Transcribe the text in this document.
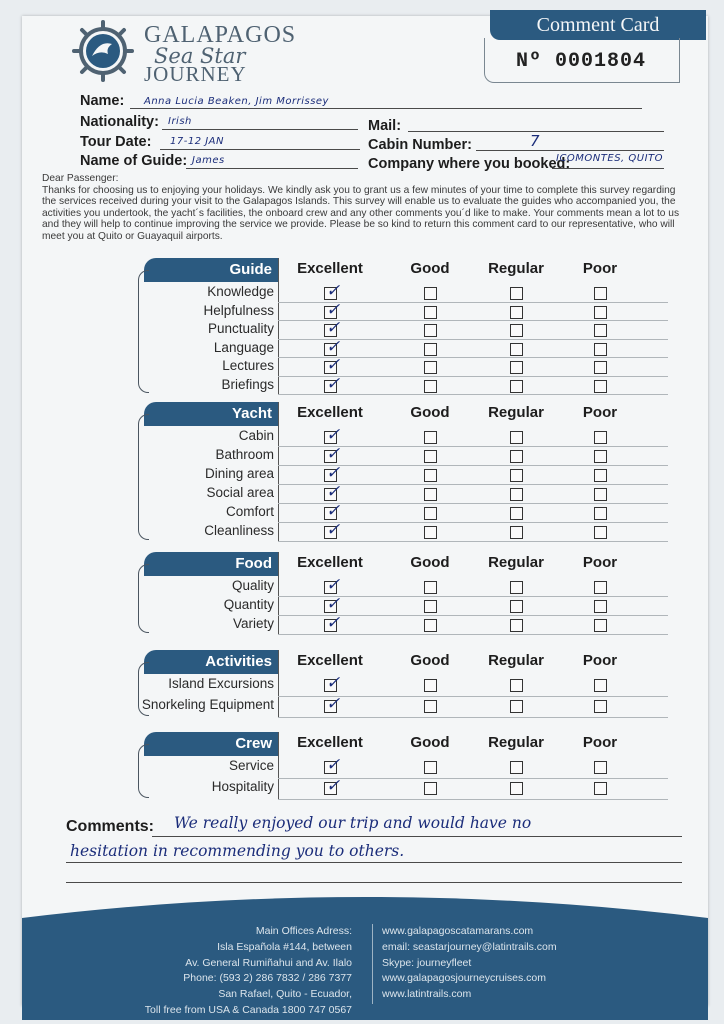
GALAPAGOS
Sea Star
JOURNEY
Comment Card
Nº 0001804
Name: Anna Lucia Beaken, Jim Morrissey
Nationality: Irish	Mail:
Tour Date: 17-12 JAN	Cabin Number:	7
Name of Guide: James	Company where you booked:
ICOMONTES, QUITO
Dear Passenger:
Thanks for choosing us to enjoying your holidays. We kindly ask you to grant us a few minutes of your time to complete this survey regarding the services received during your visit to the Galapagos Islands. This survey will enable us to evaluate the guides who accompanied you, the activities you undertook, the yacht´s facilities, the onboard crew and any other comments you´d like to make. Your comments mean a lot to us and they will help to continue improving the service we provide. Please be so kind to return this comment card to our representative, who will meet you at Quito or Guayaquil airports.
Guide	Excellent	Good	Regular	Poor
Knowledge	✓
Helpfulness	✓
Punctuality	✓
Language	✓
Lectures	✓
Briefings	✓
Yacht	Excellent	Good	Regular	Poor
Cabin	✓
Bathroom	✓
Dining area	✓
Social area	✓
Comfort	✓
Cleanliness	✓
Food	Excellent	Good	Regular	Poor
Quality	✓
Quantity	✓
Variety	✓
Activities	Excellent	Good	Regular	Poor
Island Excursions	✓
Snorkeling Equipment	✓
Crew	Excellent	Good	Regular	Poor
Service	✓
Hospitality	✓
Comments: We really enjoyed our trip and would have no
hesitation in recommending you to others.
Main Offices Adress:
Isla Española #144, between
Av. General Rumiñahui and Av. Ilalo
Phone: (593 2) 286 7832 / 286 7377
San Rafael, Quito - Ecuador,
Toll free from USA & Canada 1800 747 0567
www.galapagoscatamarans.com
email: seastarjourney@latintrails.com
Skype: journeyfleet
www.galapagosjourneycruises.com
www.latintrails.com
